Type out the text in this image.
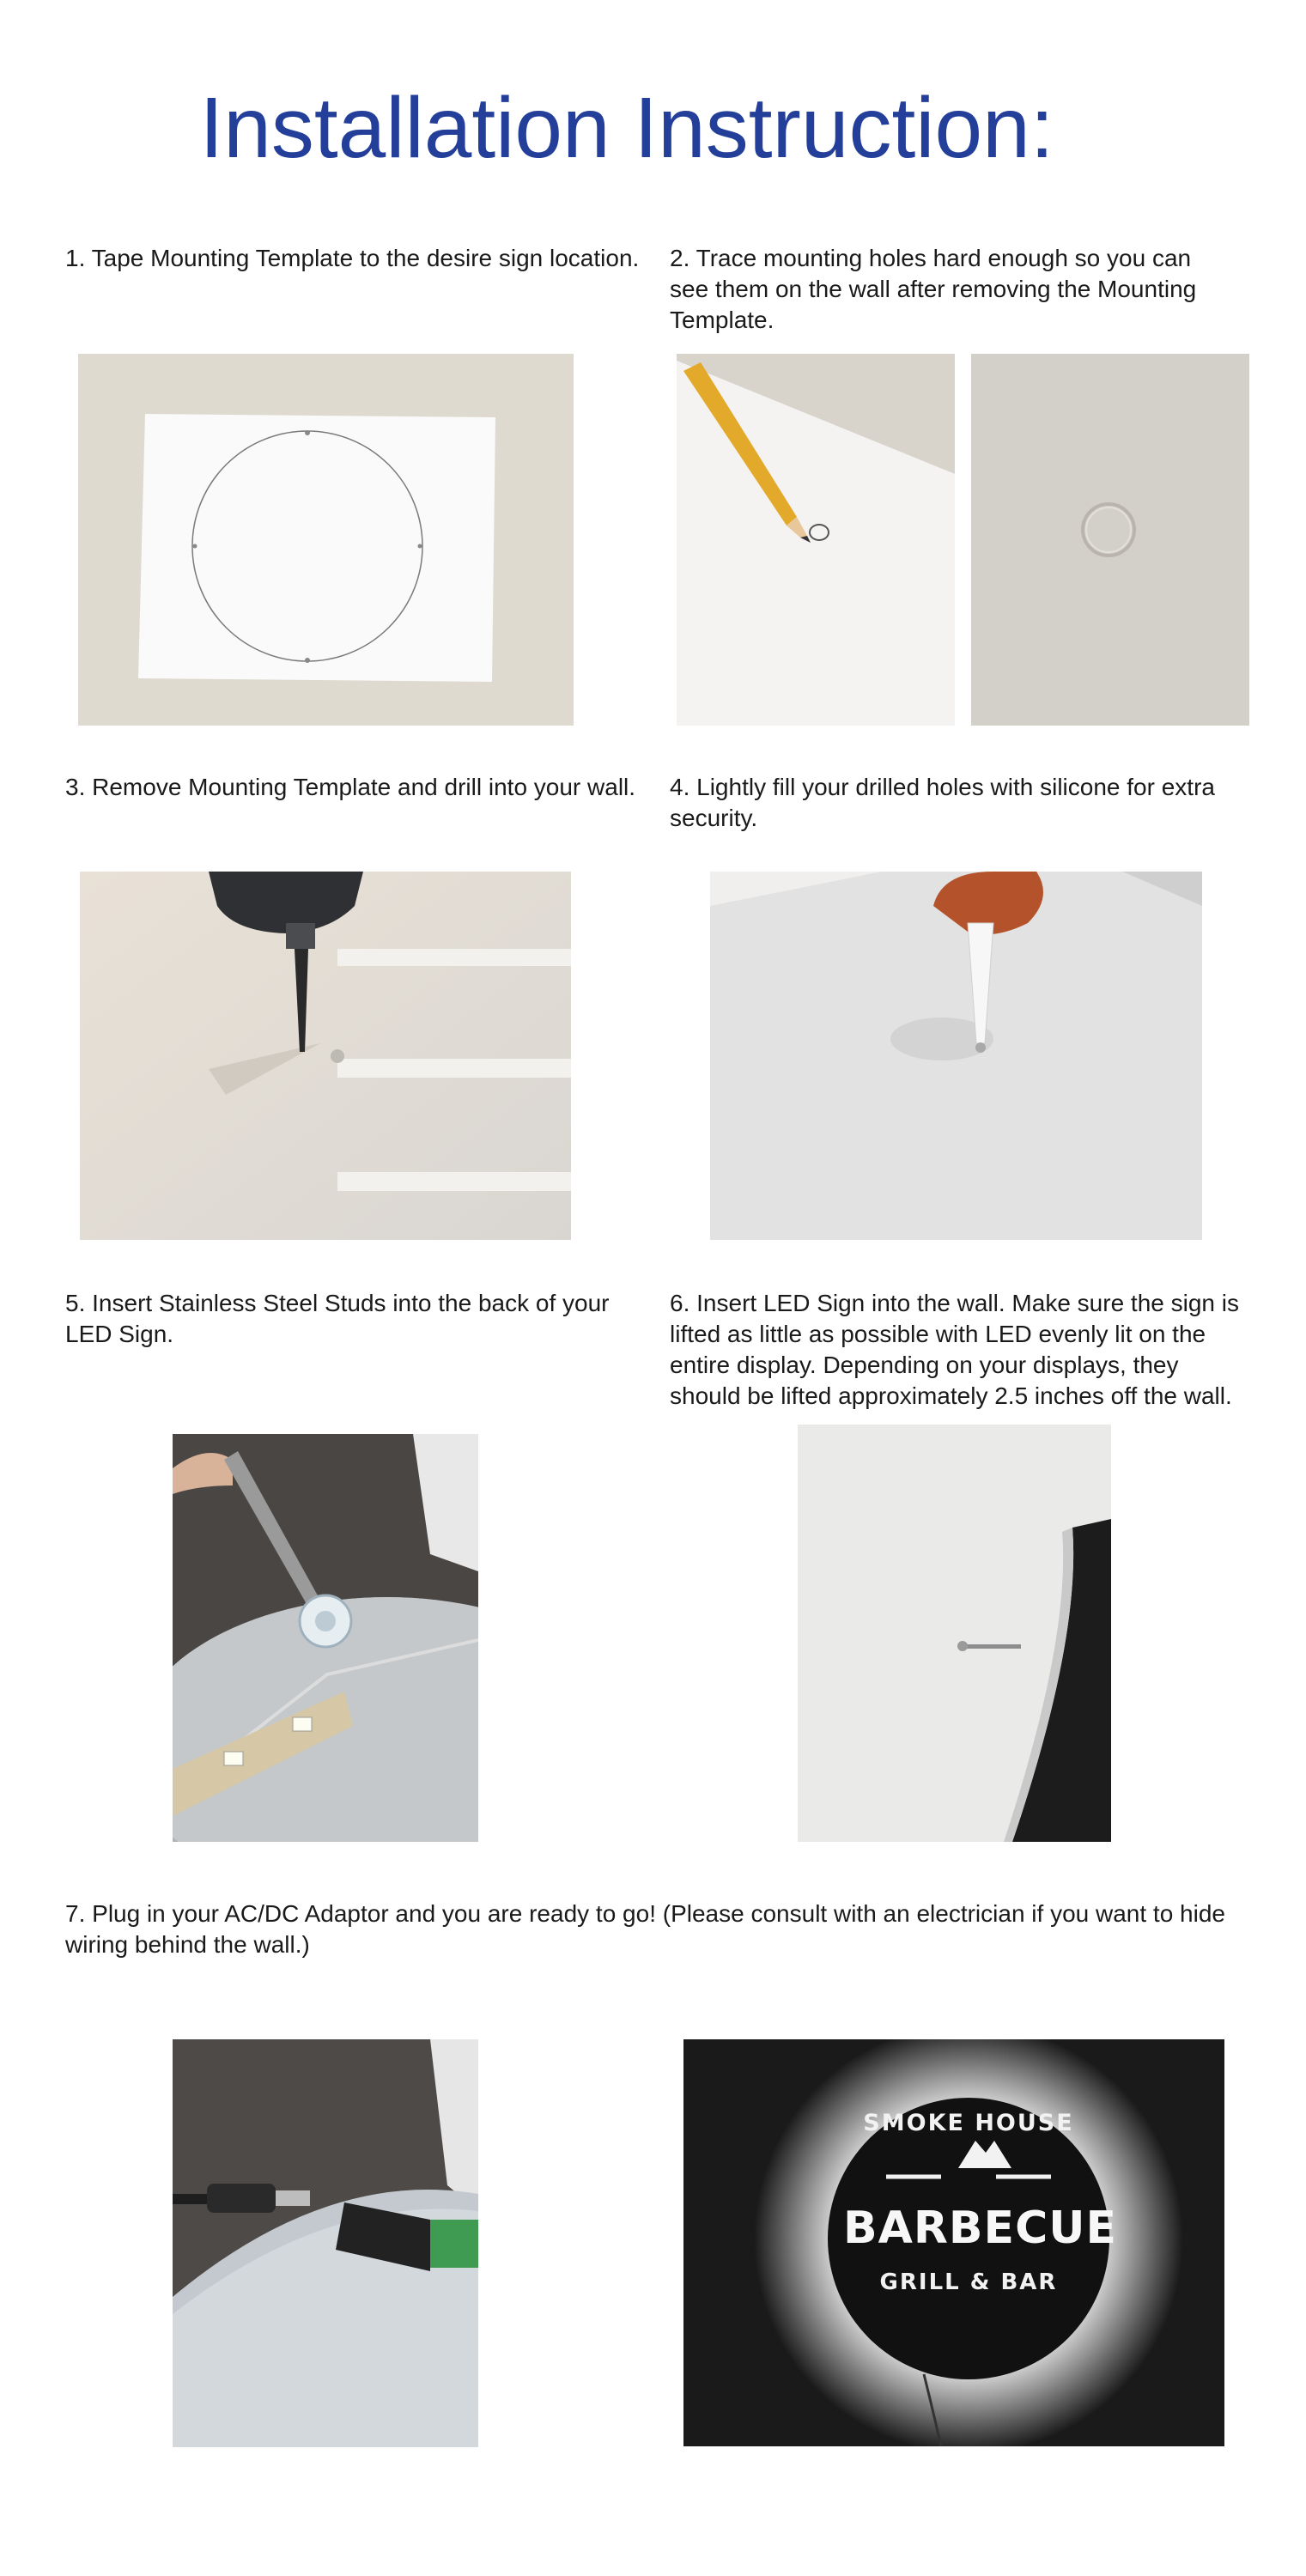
Installation Instruction:
1. Tape Mounting Template to the desire sign location.	2. Trace mounting holes hard enough so you can see them on the wall after removing the Mounting Template.
3. Remove Mounting Template and drill into your wall.	4. Lightly fill your drilled holes with silicone for extra security.
5. Insert Stainless Steel Studs into the back of your LED Sign.
6. Insert LED Sign into the wall. Make sure the sign is lifted as little as possible with LED evenly lit on the entire display. Depending on your displays, they should be lifted approximately 2.5 inches off the wall.
7. Plug in your AC/DC Adaptor and you are ready to go! (Please consult with an electrician if you want to hide wiring behind the wall.)
SMOKE HOUSE
BARBECUE
GRILL & BAR
